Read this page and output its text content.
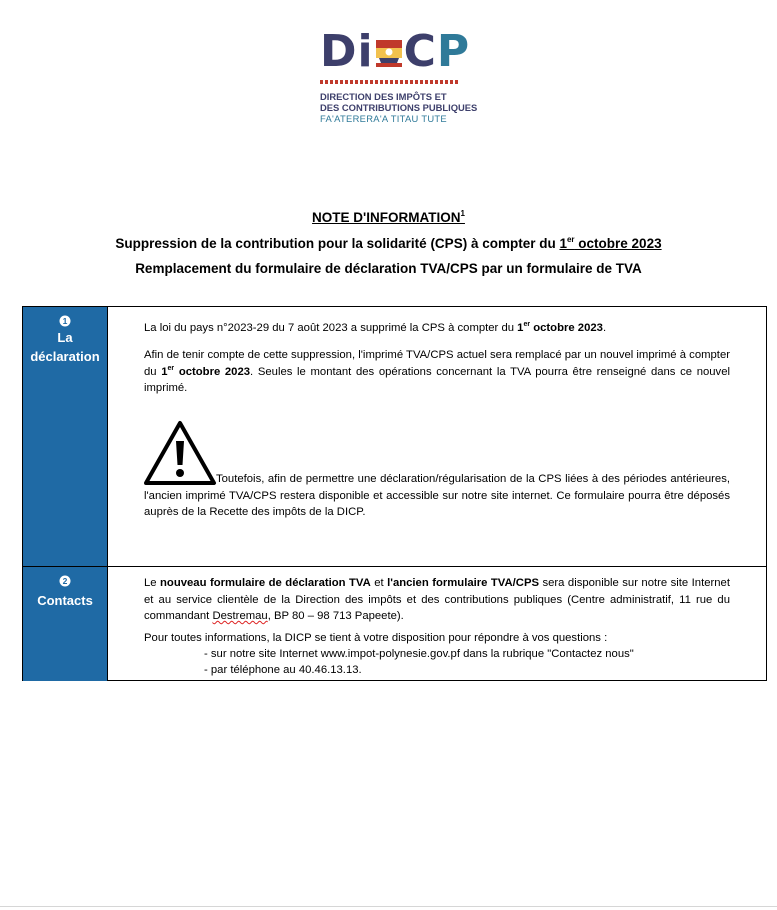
Di CP
DIRECTION DES IMPÔTS ET
DES CONTRIBUTIONS PUBLIQUES
FA'ATERERA'A TITAU TUTE
NOTE D'INFORMATION$^1$
Suppression de la contribution pour la solidarité (CPS) à compter du 1er octobre 2023
Remplacement du formulaire de déclaration TVA/CPS par un formulaire de TVA
1
La
déclaration
2
Contacts
La loi du pays n°2023-29 du 7 août 2023 a supprimé la CPS à compter du 1er octobre 2023.
Afin de tenir compte de cette suppression, l'imprimé TVA/CPS actuel sera remplacé par un nouvel imprimé à compter du 1er octobre 2023. Seules le montant des opérations concernant la TVA pourra être renseigné dans ce nouvel imprimé.
Toutefois, afin de permettre une déclaration/régularisation de la CPS liées à des périodes antérieures, l'ancien imprimé TVA/CPS restera disponible et accessible sur notre site internet. Ce formulaire pourra être déposés auprès de la Recette des impôts de la DICP.
Le nouveau formulaire de déclaration TVA et l'ancien formulaire TVA/CPS sera disponible sur notre site Internet et au service clientèle de la Direction des impôts et des contributions publiques (Centre administratif, 11 rue du commandant Destremau, BP 80 – 98 713 Papeete).
Pour toutes informations, la DICP se tient à votre disposition pour répondre à vos questions :
- sur notre site Internet www.impot-polynesie.gov.pf dans la rubrique "Contactez nous"
- par téléphone au 40.46.13.13.
